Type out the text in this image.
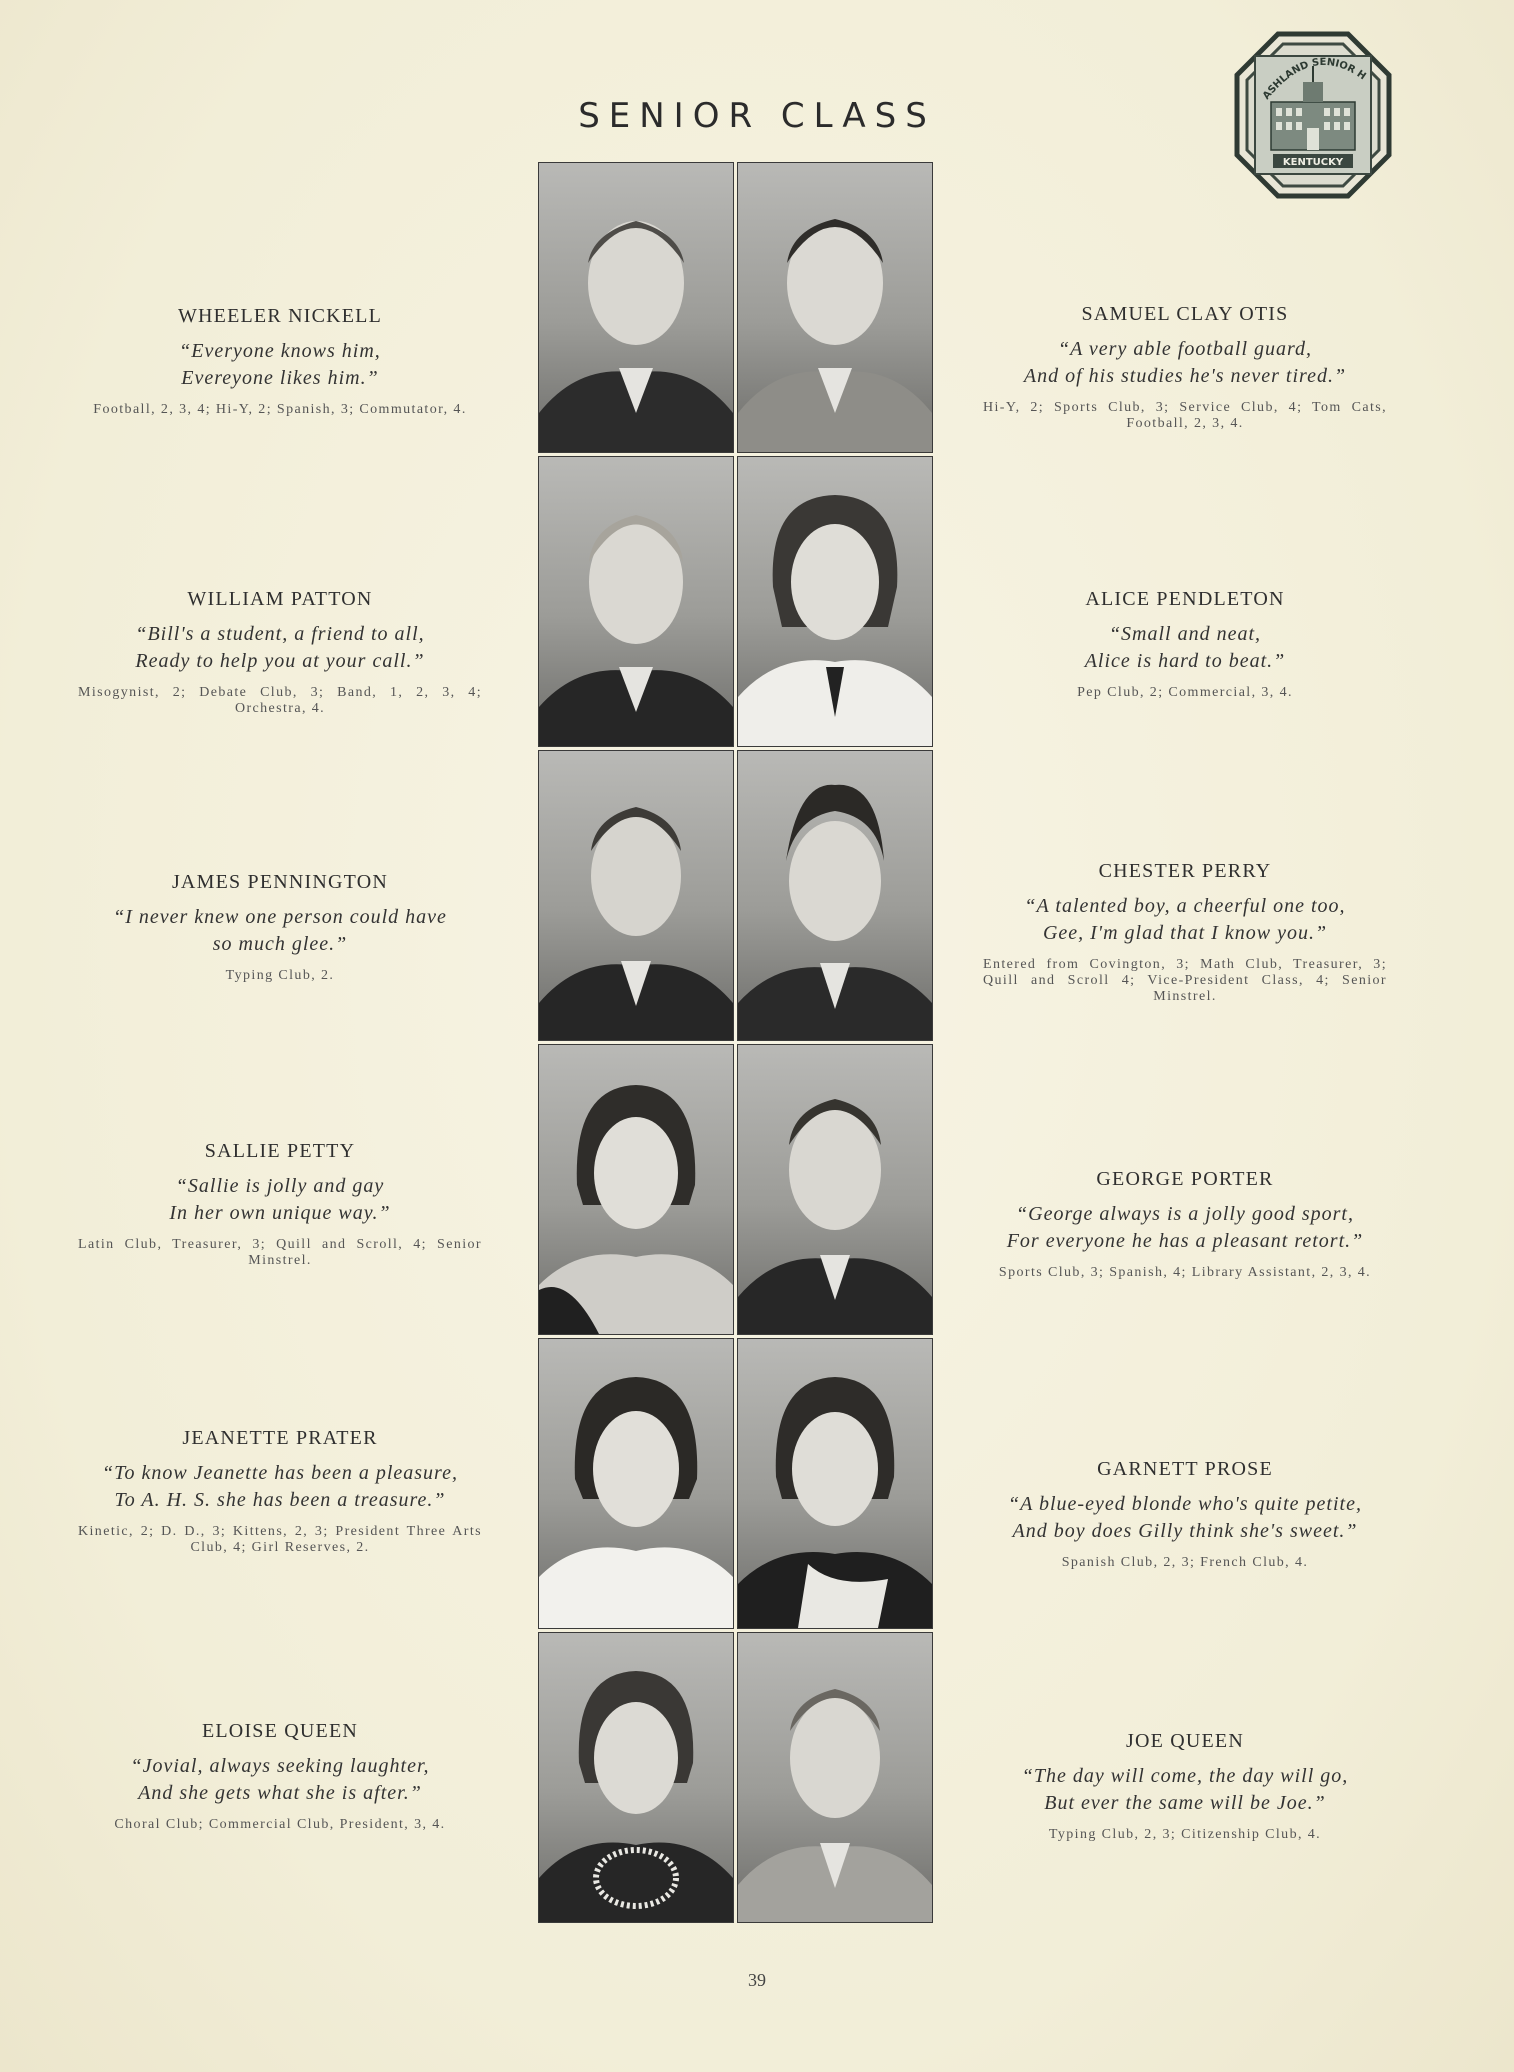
SENIOR CLASS
KENTUCKY
ASHLAND SENIOR H
WHEELER NICKELL
“Everyone knows him,
Evereyone likes him.”
Football, 2, 3, 4; Hi-Y, 2; Spanish, 3; Commutator, 4.
WILLIAM PATTON
“Bill's a student, a friend to all,
Ready to help you at your call.”
Misogynist, 2; Debate Club, 3; Band, 1, 2, 3, 4; Orchestra, 4.
JAMES PENNINGTON
“I never knew one person could have
so much glee.”
Typing Club, 2.
SALLIE PETTY
“Sallie is jolly and gay
In her own unique way.”
Latin Club, Treasurer, 3; Quill and Scroll, 4; Senior Minstrel.
JEANETTE PRATER
“To know Jeanette has been a pleasure,
To A. H. S. she has been a treasure.”
Kinetic, 2; D. D., 3; Kittens, 2, 3; President Three Arts Club, 4; Girl Reserves, 2.
ELOISE QUEEN
“Jovial, always seeking laughter,
And she gets what she is after.”
Choral Club; Commercial Club, President, 3, 4.
SAMUEL CLAY OTIS
“A very able football guard,
And of his studies he's never tired.”
Hi-Y, 2; Sports Club, 3; Service Club, 4; Tom Cats, Football, 2, 3, 4.
ALICE PENDLETON
“Small and neat,
Alice is hard to beat.”
Pep Club, 2; Commercial, 3, 4.
CHESTER PERRY
“A talented boy, a cheerful one too,
Gee, I'm glad that I know you.”
Entered from Covington, 3; Math Club, Treasurer, 3; Quill and Scroll 4; Vice-President Class, 4; Senior Minstrel.
GEORGE PORTER
“George always is a jolly good sport,
For everyone he has a pleasant retort.”
Sports Club, 3; Spanish, 4; Library Assistant, 2, 3, 4.
GARNETT PROSE
“A blue-eyed blonde who's quite petite,
And boy does Gilly think she's sweet.”
Spanish Club, 2, 3; French Club, 4.
JOE QUEEN
“The day will come, the day will go,
But ever the same will be Joe.”
Typing Club, 2, 3; Citizenship Club, 4.
39
